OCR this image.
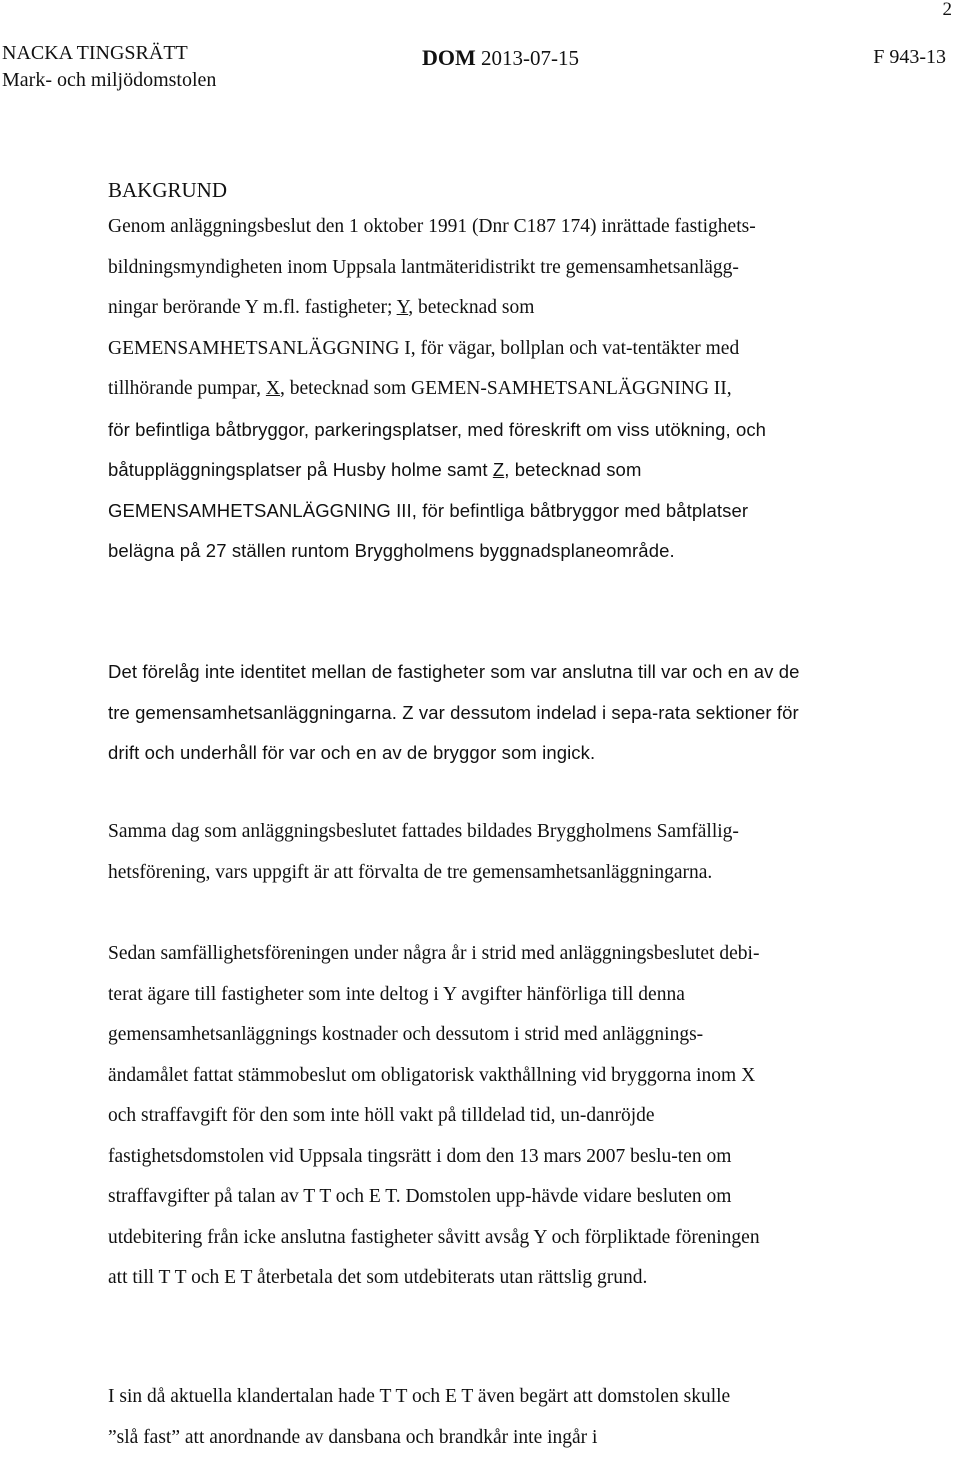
2
NACKA TINGSRÄTT
Mark- och miljödomstolen
DOM 2013-07-15	F 943-13
BAKGRUND
Genom anläggningsbeslut den 1 oktober 1991 (Dnr C187 174) inrättade fastighets-
bildningsmyndigheten inom Uppsala lantmäteridistrikt tre gemensamhetsanlägg-
ningar berörande Y m.fl. fastigheter; Y, betecknad som
GEMENSAMHETSANLÄGGNING I, för vägar, bollplan och vat-tentäkter med
tillhörande pumpar, X, betecknad som GEMEN-SAMHETSANLÄGGNING II,
för befintliga båtbryggor, parkeringsplatser, med föreskrift om viss utökning, och
båtuppläggningsplatser på Husby holme samt Z, betecknad som
GEMENSAMHETSANLÄGGNING III, för befintliga båtbryggor med båtplatser
belägna på 27 ställen runtom Bryggholmens byggnadsplaneområde.
Det förelåg inte identitet mellan de fastigheter som var anslutna till var och en av de
tre gemensamhetsanläggningarna. Z var dessutom indelad i sepa-rata sektioner för
drift och underhåll för var och en av de bryggor som ingick.
Samma dag som anläggningsbeslutet fattades bildades Bryggholmens Samfällig-
hetsförening, vars uppgift är att förvalta de tre gemensamhetsanläggningarna.
Sedan samfällighetsföreningen under några år i strid med anläggningsbeslutet debi-
terat ägare till fastigheter som inte deltog i Y avgifter hänförliga till denna
gemensamhetsanläggnings kostnader och dessutom i strid med anläggnings-
ändamålet fattat stämmobeslut om obligatorisk vakthållning vid bryggorna inom X
och straffavgift för den som inte höll vakt på tilldelad tid, un-danröjde
fastighetsdomstolen vid Uppsala tingsrätt i dom den 13 mars 2007 beslu-ten om
straffavgifter på talan av T T och E T. Domstolen upp-hävde vidare besluten om
utdebitering från icke anslutna fastigheter såvitt avsåg Y och förpliktade föreningen
att till T T och E T återbetala det som utdebiterats utan rättslig grund.
I sin då aktuella klandertalan hade T T och E T även begärt att domstolen skulle
”slå fast” att anordnande av dansbana och brandkår inte ingår i
